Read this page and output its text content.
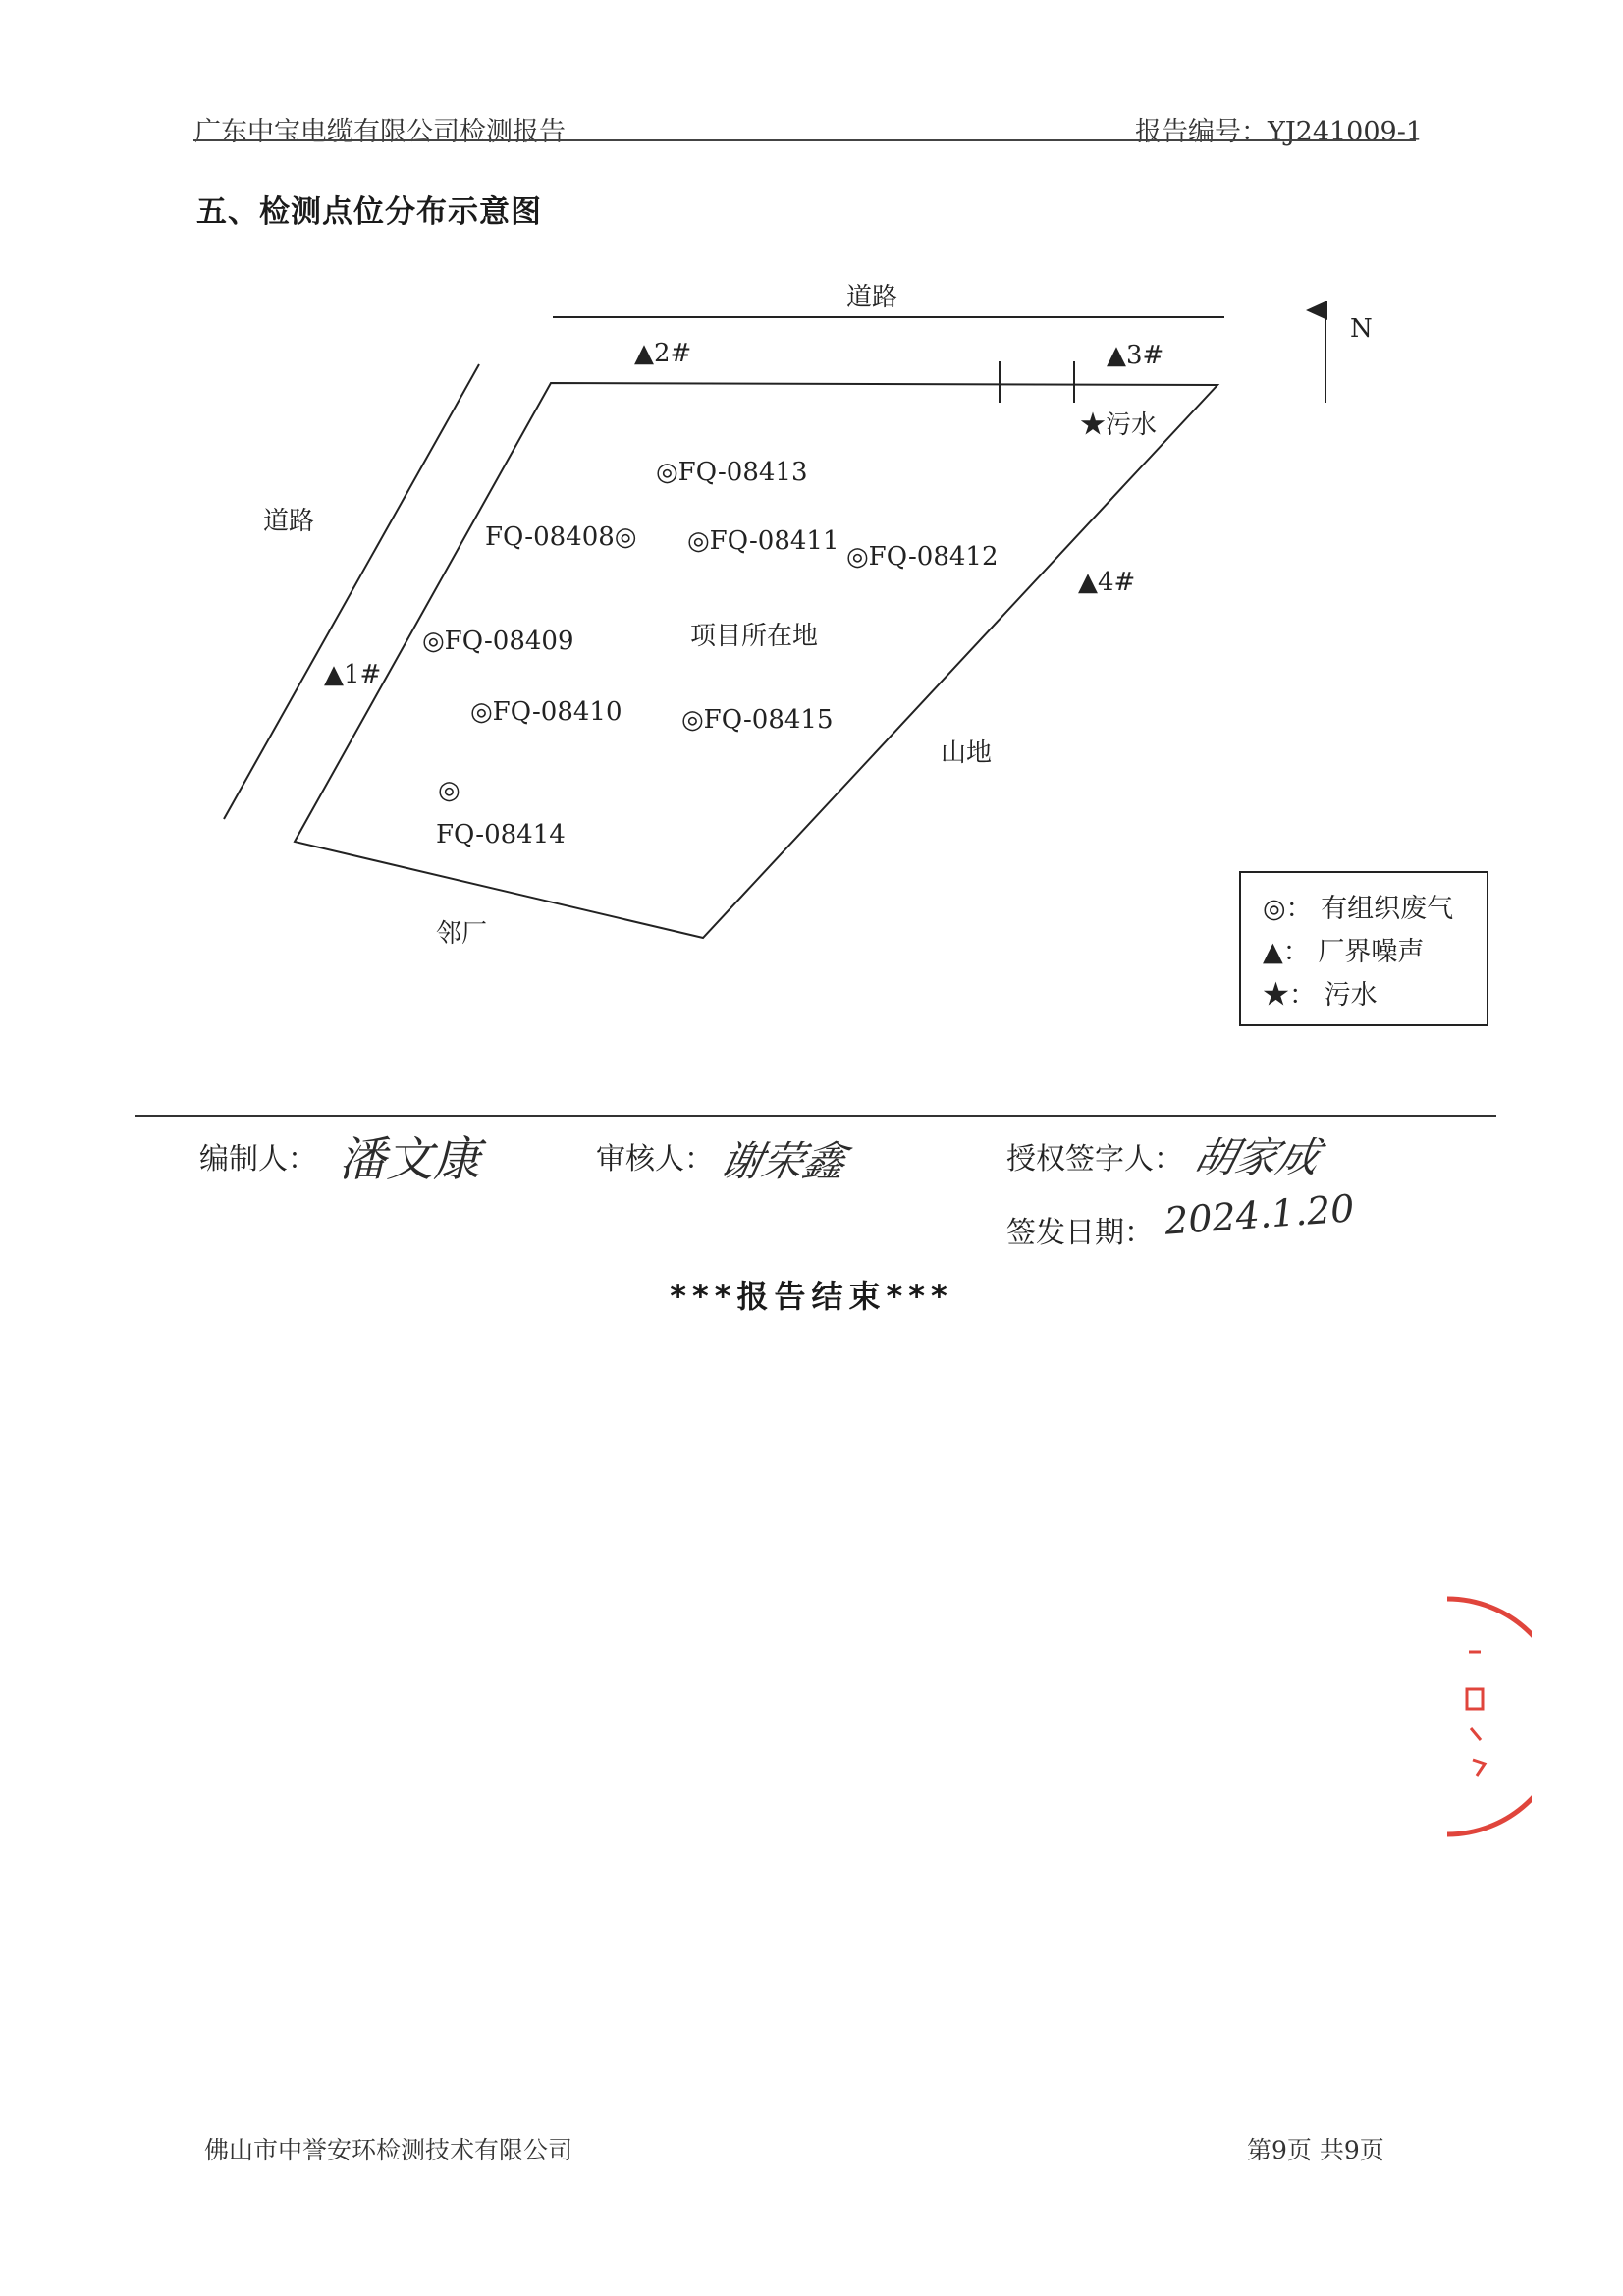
广东中宝电缆有限公司检测报告	报告编号：YJ241009-1
五、检测点位分布示意图
N
道路
道路
▲2#	▲3#
★污水
▲4#
▲1#
◎FQ-08413
FQ-08408◎ ◎FQ-08411
◎FQ-08412
◎FQ-08409	项目所在地
◎FQ-08410 ◎FQ-08415
山地
◎
FQ-08414
邻厂
◎： 有组织废气
▲： 厂界噪声
★： 污水
编制人： 潘文康	审核人： 谢荣鑫	授权签字人： 胡家成
签发日期： 2024.1.20
***报告结束***
佛山市中誉安环检测技术有限公司	第9页 共9页
